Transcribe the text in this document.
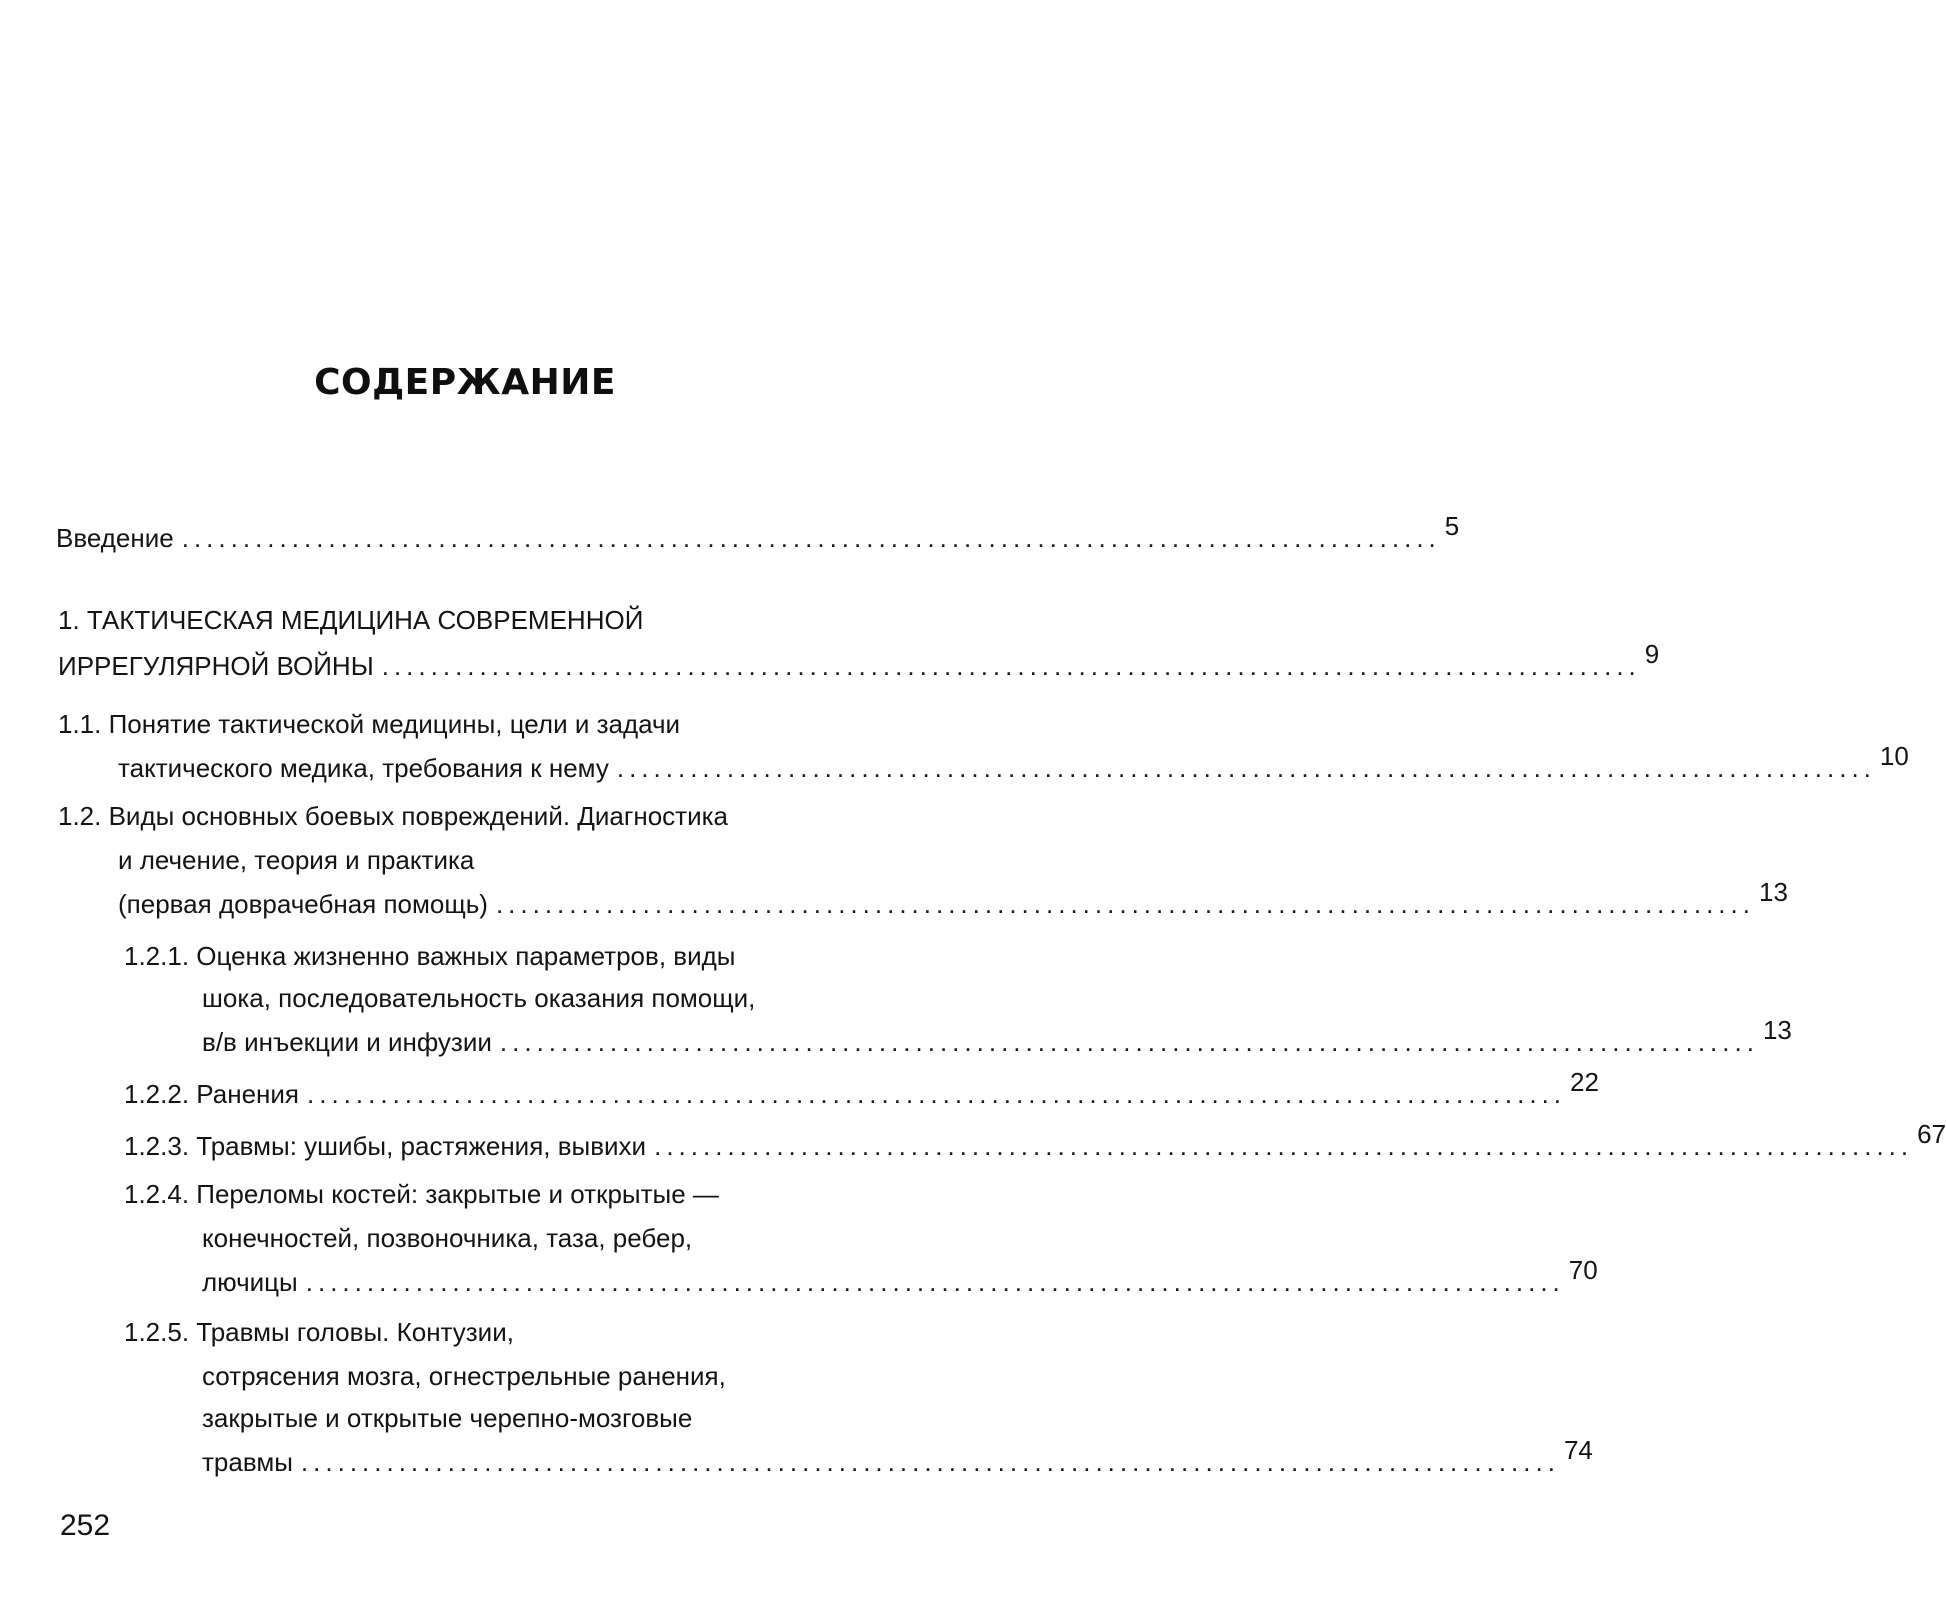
СОДЕРЖАНИЕ
Введение ....................................................................................................... 5
1. ТАКТИЧЕСКАЯ МЕДИЦИНА СОВРЕМЕННОЙ
ИРРЕГУЛЯРНОЙ ВОЙНЫ ....................................................................................................... 9
1.1. Понятие тактической медицины, цели и задачи
тактического медика, требования к нему ....................................................................................................... 10
1.2. Виды основных боевых повреждений. Диагностика
и лечение, теория и практика
(первая доврачебная помощь) ....................................................................................................... 13
1.2.1. Оценка жизненно важных параметров, виды
шока, последовательность оказания помощи,
в/в инъекции и инфузии ....................................................................................................... 13
1.2.2. Ранения ....................................................................................................... 22
1.2.3. Травмы: ушибы, растяжения, вывихи ....................................................................................................... 67
1.2.4. Переломы костей: закрытые и открытые —
конечностей, позвоночника, таза, ребер,
лючицы ....................................................................................................... 70
1.2.5. Травмы головы. Контузии,
сотрясения мозга, огнестрельные ранения,
закрытые и открытые черепно-мозговые
травмы ....................................................................................................... 74
252
